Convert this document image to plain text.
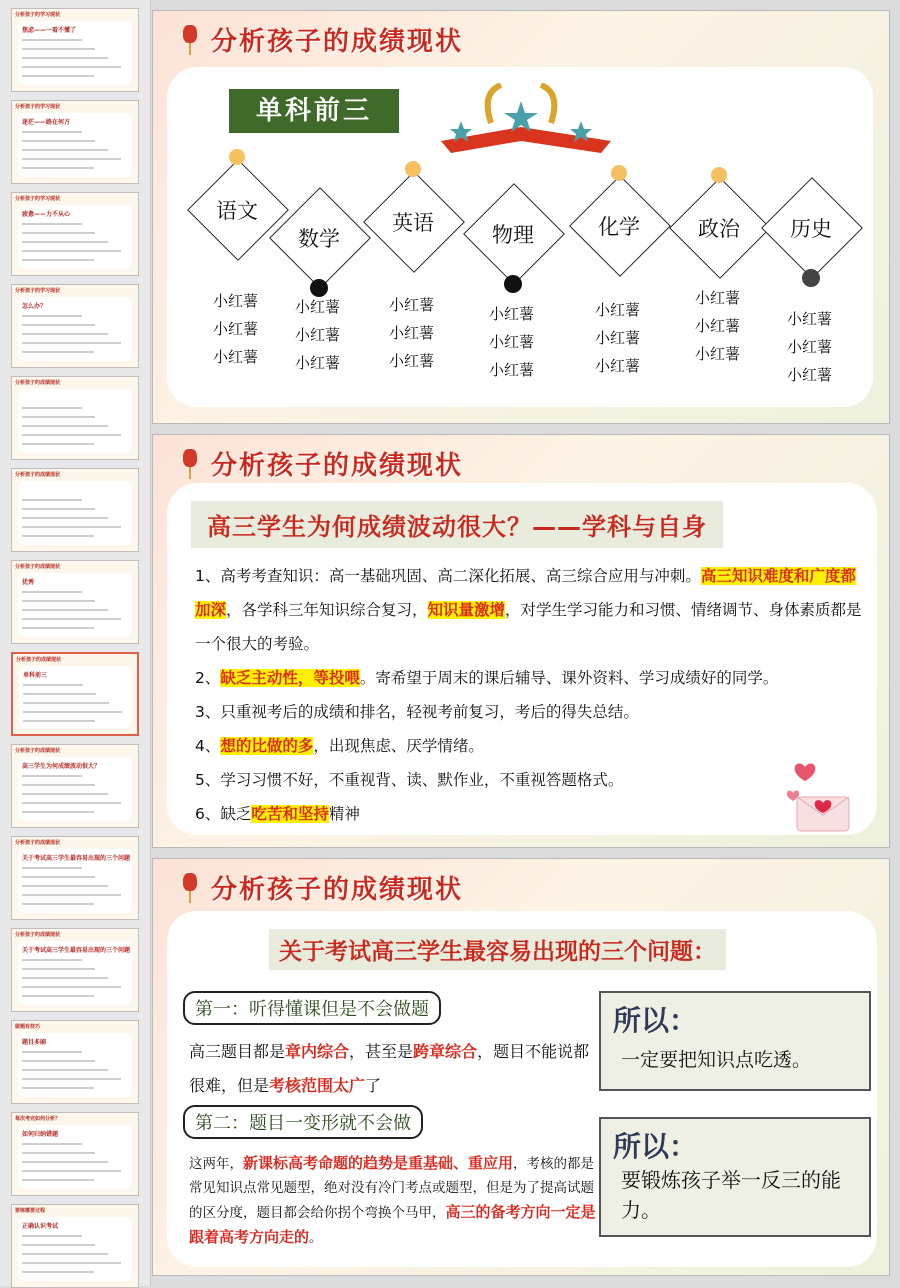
分析孩子的学习现状
焦虑——一看不懂了
分析孩子的学习现状
迷茫——路在何方
分析孩子的学习现状
疲惫——力不从心
分析孩子的学习现状
怎么办？
分析孩子的成绩现状
分析孩子的成绩现状
分析孩子的成绩现状
优秀
分析孩子的成绩现状
单科前三
分析孩子的成绩现状
高三学生为何成绩波动很大？
分析孩子的成绩现状
关于考试高三学生最容易出现的三个问题
分析孩子的成绩现状
关于考试高三学生最容易出现的三个问题
做题有技巧
题目多刷
每次考完如何分析？
如何归纳错题
要练哪要过程
正确认识考试
分析孩子的成绩现状
单科前三
语文
小红薯
小红薯
小红薯
数学
小红薯
小红薯
小红薯
英语
小红薯
小红薯
小红薯
物理
小红薯
小红薯
小红薯
化学
小红薯
小红薯
小红薯
政治
小红薯
小红薯
小红薯
历史
小红薯
小红薯
小红薯
分析孩子的成绩现状
高三学生为何成绩波动很大？——学科与自身
1、高考考查知识：高一基础巩固、高二深化拓展、高三综合应用与冲刺。高三知识难度和广度都加深，各学科三年知识综合复习，知识量激增，对学生学习能力和习惯、情绪调节、身体素质都是一个很大的考验。
2、缺乏主动性，等投喂。寄希望于周末的课后辅导、课外资料、学习成绩好的同学。
3、只重视考后的成绩和排名，轻视考前复习，考后的得失总结。
4、想的比做的多，出现焦虑、厌学情绪。
5、学习习惯不好，不重视背、读、默作业，不重视答题格式。
6、缺乏吃苦和坚持精神
分析孩子的成绩现状
关于考试高三学生最容易出现的三个问题：
第一：听得懂课但是不会做题
高三题目都是章内综合，甚至是跨章综合，题目不能说都很难，但是考核范围太广了
第二：题目一变形就不会做
这两年，新课标高考命题的趋势是重基础、重应用，考核的都是常见知识点常见题型，绝对没有冷门考点或题型，但是为了提高试题的区分度，题目都会给你拐个弯换个马甲，高三的备考方向一定是跟着高考方向走的。
所以：
一定要把知识点吃透。
所以：
要锻炼孩子举一反三的能力。
